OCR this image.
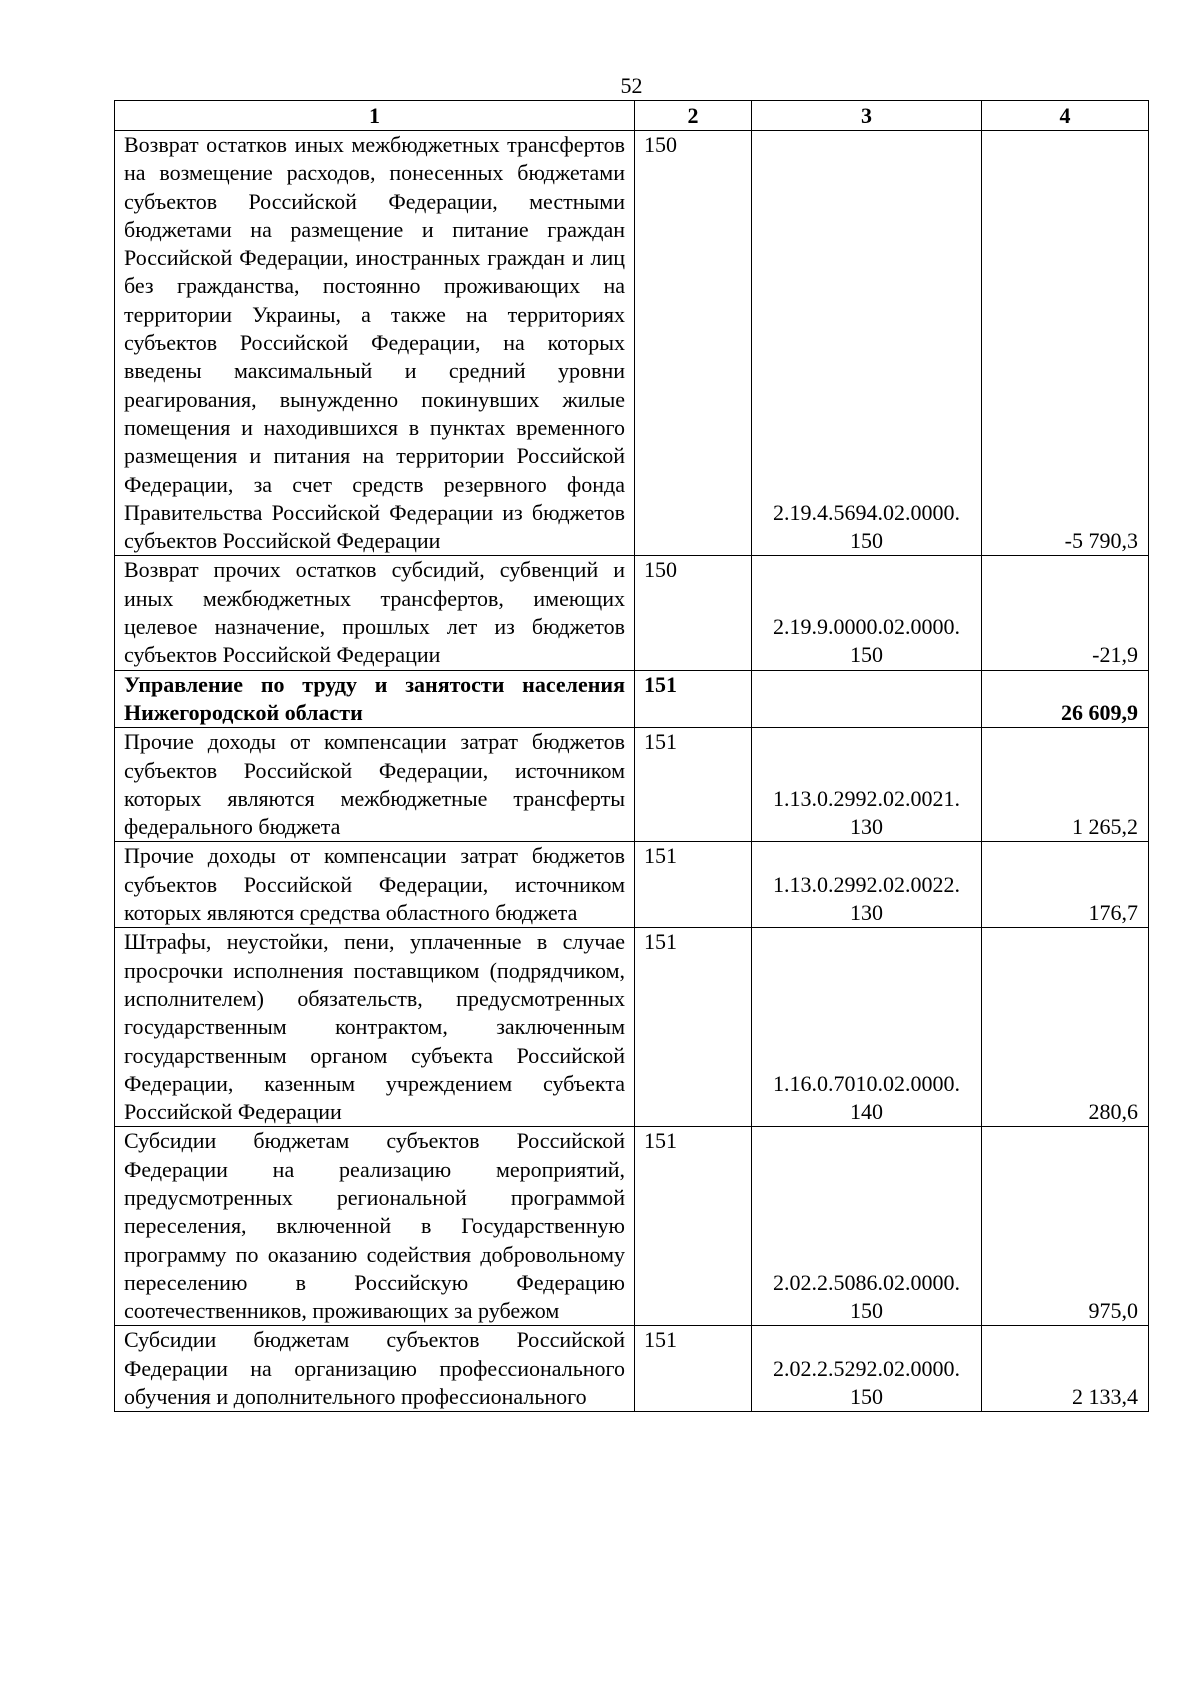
52
1	2	3	4
Возврат остатков иных межбюджетных трансфертов на возмещение расходов, понесенных бюджетами субъектов Российской Федерации, местными бюджетами на размещение и питание граждан Российской Федерации, иностранных граждан и лиц без гражданства, постоянно проживающих на территории Украины, а также на территориях субъектов Российской Федерации, на которых введены максимальный и средний уровни реагирования, вынужденно покинувших жилые помещения и находившихся в пунктах временного размещения и питания на территории Российской Федерации, за счет средств резервного фонда Правительства Российской Федерации из бюджетов субъектов Российской Федерации	150	2.19.4.5694.02.0000.
150	-5 790,3

Возврат прочих остатков субсидий, субвенций и иных межбюджетных трансфертов, имеющих целевое назначение, прошлых лет из бюджетов субъектов Российской Федерации	150	2.19.9.0000.02.0000.
150	-21,9

Управление по труду и занятости населения Нижегородской области	151		26 609,9

Прочие доходы от компенсации затрат бюджетов субъектов Российской Федерации, источником которых являются межбюджетные трансферты федерального бюджета	151	1.13.0.2992.02.0021.
130	1 265,2

Прочие доходы от компенсации затрат бюджетов субъектов Российской Федерации, источником которых являются средства областного бюджета	151	1.13.0.2992.02.0022.
130	176,7

Штрафы, неустойки, пени, уплаченные в случае просрочки исполнения поставщиком (подрядчиком, исполнителем) обязательств, предусмотренных государственным контрактом, заключенным государственным органом субъекта Российской Федерации, казенным учреждением субъекта Российской Федерации	151	1.16.0.7010.02.0000.
140	280,6

Субсидии бюджетам субъектов Российской Федерации на реализацию мероприятий, предусмотренных региональной программой переселения, включенной в Государственную программу по оказанию содействия добровольному переселению в Российскую Федерацию соотечественников, проживающих за рубежом	151	2.02.2.5086.02.0000.
150	975,0

Субсидии бюджетам субъектов Российской Федерации на организацию профессионального обучения и дополнительного профессионального	151	2.02.2.5292.02.0000.
150	2 133,4
